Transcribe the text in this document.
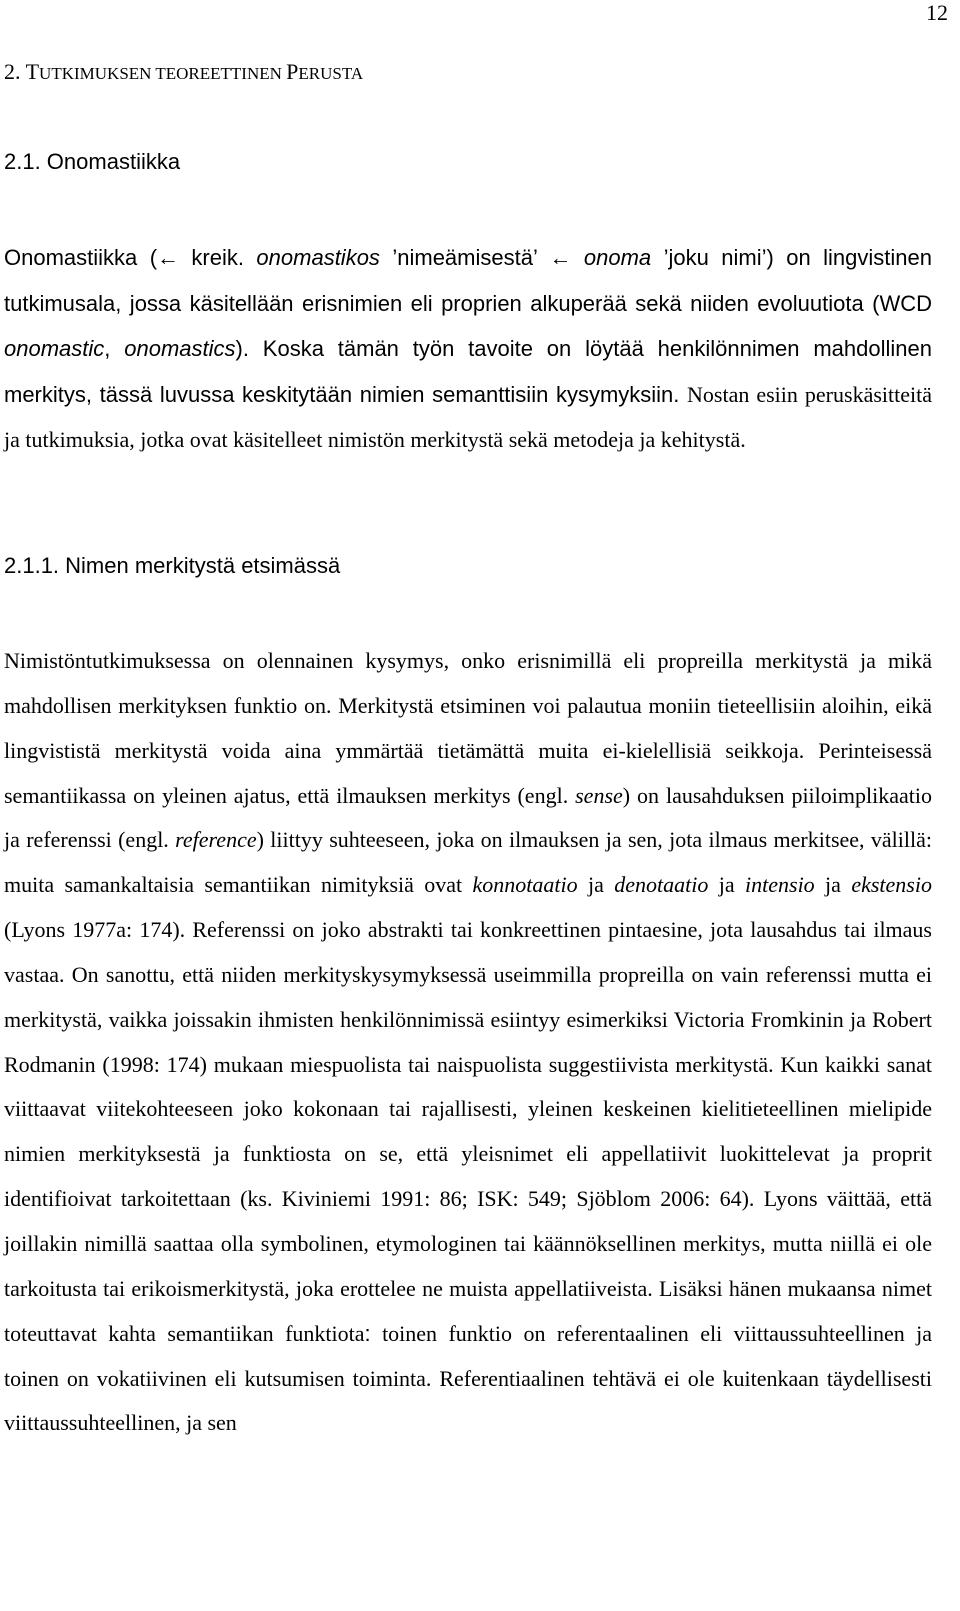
12
2. TUTKIMUKSEN TEOREETTINEN PERUSTA
2.1. Onomastiikka

Onomastiikka (← kreik. onomastikos ’nimeämisestä’ ← onoma ’joku nimi’) on lingvistinen tutkimusala, jossa käsitellään erisnimien eli proprien alkuperää sekä niiden evoluutiota (WCD onomastic, onomastics). Koska tämän työn tavoite on löytää henkilönnimen mahdollinen merkitys, tässä luvussa keskitytään nimien semanttisiin kysymyksiin. Nostan esiin peruskäsitteitä ja tutkimuksia, jotka ovat käsitelleet nimistön merkitystä sekä metodeja ja kehitystä.

2.1.1. Nimen merkitystä etsimässä

Nimistöntutkimuksessa on olennainen kysymys, onko erisnimillä eli propreilla merkitystä ja mikä mahdollisen merkityksen funktio on. Merkitystä etsiminen voi palautua moniin tieteellisiin aloihin, eikä lingvististä merkitystä voida aina ymmärtää tietämättä muita ei-kielellisiä seikkoja. Perinteisessä semantiikassa on yleinen ajatus, että ilmauksen merkitys (engl. sense) on lausahduksen piiloimplikaatio ja referenssi (engl. reference) liittyy suhteeseen, joka on ilmauksen ja sen, jota ilmaus merkitsee, välillä: muita samankaltaisia semantiikan nimityksiä ovat konnotaatio ja denotaatio ja intensio ja ekstensio (Lyons 1977a: 174). Referenssi on joko abstrakti tai konkreettinen pintaesine, jota lausahdus tai ilmaus vastaa. On sanottu, että niiden merkityskysymyksessä useimmilla propreilla on vain referenssi mutta ei merkitystä, vaikka joissakin ihmisten henkilönnimissä esiintyy esimerkiksi Victoria Fromkinin ja Robert Rodmanin (1998: 174) mukaan miespuolista tai naispuolista suggestiivista merkitystä. Kun kaikki sanat viittaavat viitekohteeseen joko kokonaan tai rajallisesti, yleinen keskeinen kielitieteellinen mielipide nimien merkityksestä ja funktiosta on se, että yleisnimet eli appellatiivit luokittelevat ja proprit identifioivat tarkoitettaan (ks. Kiviniemi 1991: 86; ISK: 549; Sjöblom 2006: 64). Lyons väittää, että joillakin nimillä saattaa olla symbolinen, etymologinen tai käännöksellinen merkitys, mutta niillä ei ole tarkoitusta tai erikoismerkitystä, joka erottelee ne muista appellatiiveista. Lisäksi hänen mukaansa nimet toteuttavat kahta semantiikan funktiota: toinen funktio on referentaalinen eli viittaussuhteellinen ja toinen on vokatiivinen eli kutsumisen toiminta. Referentiaalinen tehtävä ei ole kuitenkaan täydellisesti viittaussuhteellinen, ja sen
